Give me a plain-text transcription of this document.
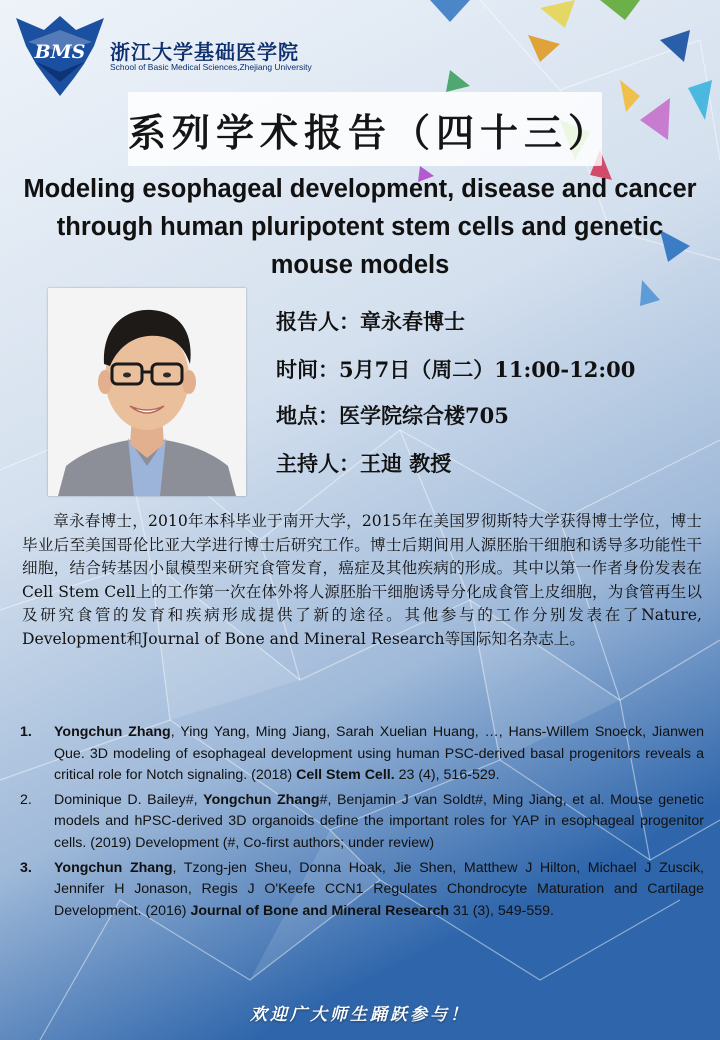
BMS 浙江大学基础医学院
School of Basic Medical Sciences,Zhejiang University
系列学术报告（四十三）
Modeling esophageal development, disease and cancer through human pluripotent stem cells and genetic mouse models
报告人：章永春博士
时间：5月7日（周二）11:00-12:00
地点：医学院综合楼705
主持人：王迪 教授

章永春博士，2010年本科毕业于南开大学，2015年在美国罗彻斯特大学获得博士学位，博士毕业后至美国哥伦比亚大学进行博士后研究工作。博士后期间用人源胚胎干细胞和诱导多功能性干细胞，结合转基因小鼠模型来研究食管发育，癌症及其他疾病的形成。其中以第一作者身份发表在Cell Stem Cell上的工作第一次在体外将人源胚胎干细胞诱导分化成食管上皮细胞，为食管再生以及研究食管的发育和疾病形成提供了新的途径。其他参与的工作分别发表在了Nature, Development和Journal of Bone and Mineral Research等国际知名杂志上。

1.	Yongchun Zhang, Ying Yang, Ming Jiang, Sarah Xuelian Huang, …, Hans-Willem Snoeck, Jianwen Que. 3D modeling of esophageal development using human PSC-derived basal progenitors reveals a critical role for Notch signaling. (2018) Cell Stem Cell. 23 (4), 516-529.
2.	Dominique D. Bailey#, Yongchun Zhang#, Benjamin J van Soldt#, Ming Jiang, et al. Mouse genetic models and hPSC-derived 3D organoids define the important roles for YAP in esophageal progenitor cells. (2019) Development (#, Co-first authors; under review)
3.	Yongchun Zhang, Tzong-jen Sheu, Donna Hoak, Jie Shen, Matthew J Hilton, Michael J Zuscik, Jennifer H Jonason, Regis J O'Keefe CCN1 Regulates Chondrocyte Maturation and Cartilage Development. (2016) Journal of Bone and Mineral Research 31 (3), 549-559.
欢迎广大师生踊跃参与！
